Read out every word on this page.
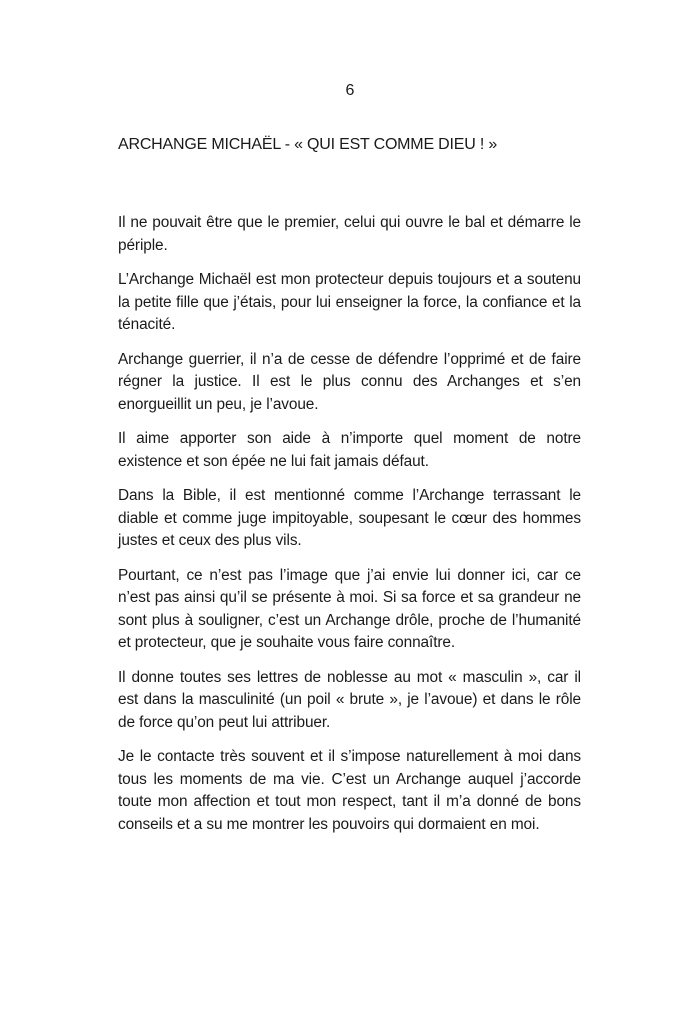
6
ARCHANGE MICHAËL - « QUI EST COMME DIEU ! »

Il ne pouvait être que le premier, celui qui ouvre le bal et démarre le périple.

L’Archange Michaël est mon protecteur depuis toujours et a soutenu la petite fille que j’étais, pour lui enseigner la force, la confiance et la ténacité.

Archange guerrier, il n’a de cesse de défendre l’opprimé et de faire régner la justice. Il est le plus connu des Archanges et s’en enorgueillit un peu, je l’avoue.

Il aime apporter son aide à n’importe quel moment de notre existence et son épée ne lui fait jamais défaut.

Dans la Bible, il est mentionné comme l’Archange terrassant le diable et comme juge impitoyable, soupesant le cœur des hommes justes et ceux des plus vils.

Pourtant, ce n’est pas l’image que j’ai envie lui donner ici, car ce n’est pas ainsi qu’il se présente à moi. Si sa force et sa grandeur ne sont plus à souligner, c’est un Archange drôle, proche de l’humanité et protecteur, que je souhaite vous faire connaître.

Il donne toutes ses lettres de noblesse au mot « masculin », car il est dans la masculinité (un poil « brute », je l’avoue) et dans le rôle de force qu’on peut lui attribuer.

Je le contacte très souvent et il s’impose naturellement à moi dans tous les moments de ma vie. C’est un Archange auquel j’accorde toute mon affection et tout mon respect, tant il m’a donné de bons conseils et a su me montrer les pouvoirs qui dormaient en moi.
